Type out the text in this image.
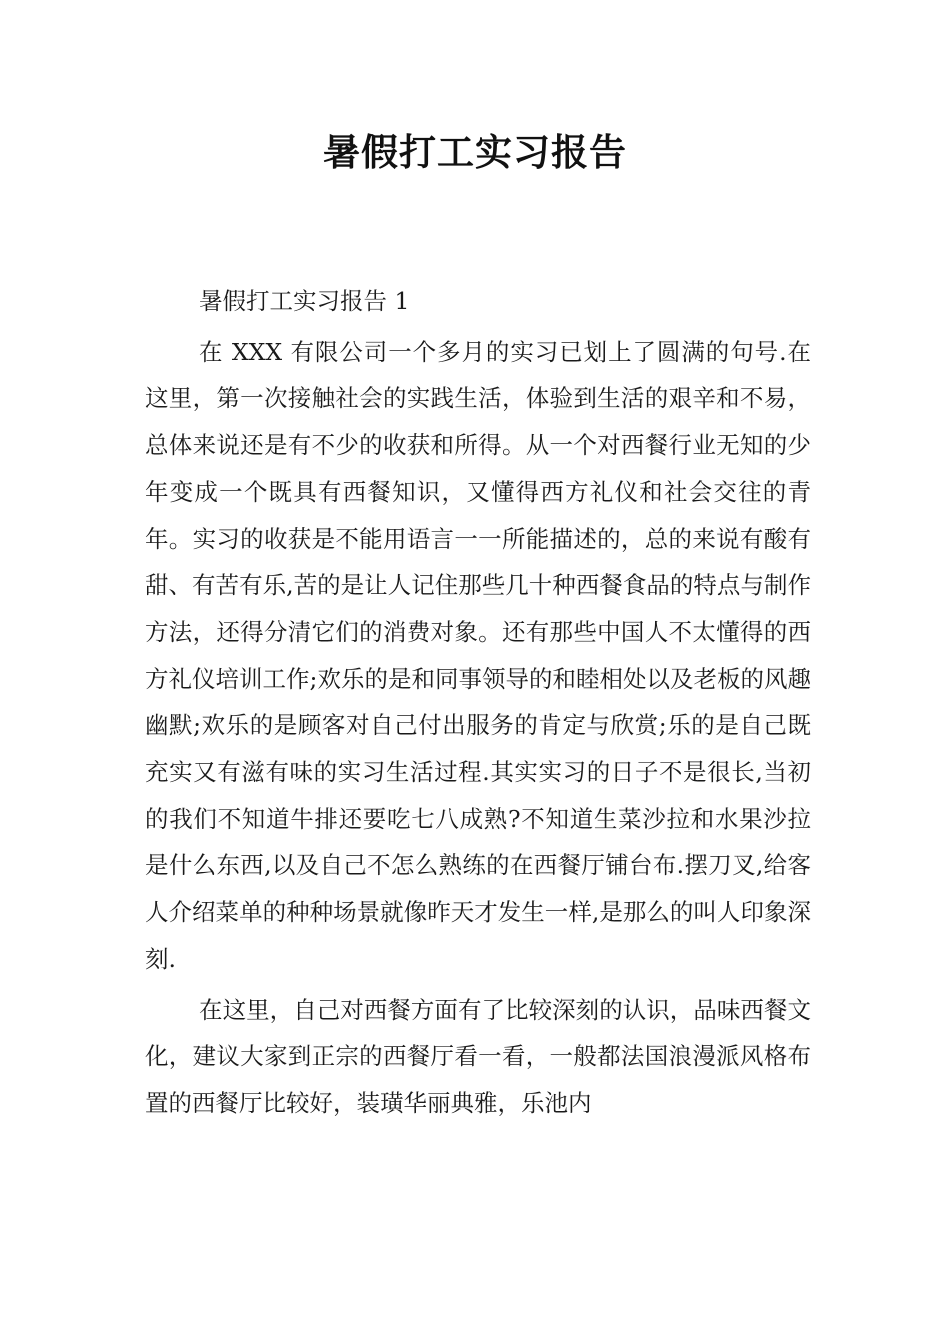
暑假打工实习报告

暑假打工实习报告 1

在 XXX 有限公司一个多月的实习已划上了圆满的句号.在这里，第一次接触社会的实践生活，体验到生活的艰辛和不易，总体来说还是有不少的收获和所得。从一个对西餐行业无知的少年变成一个既具有西餐知识，又懂得西方礼仪和社会交往的青年。实习的收获是不能用语言一一所能描述的，总的来说有酸有甜、有苦有乐,苦的是让人记住那些几十种西餐食品的特点与制作方法，还得分清它们的消费对象。还有那些中国人不太懂得的西方礼仪培训工作;欢乐的是和同事领导的和睦相处以及老板的风趣幽默;欢乐的是顾客对自己付出服务的肯定与欣赏;乐的是自己既充实又有滋有味的实习生活过程.其实实习的日子不是很长,当初的我们不知道牛排还要吃七八成熟?不知道生菜沙拉和水果沙拉是什么东西,以及自己不怎么熟练的在西餐厅铺台布.摆刀叉,给客人介绍菜单的种种场景就像昨天才发生一样,是那么的叫人印象深刻.

在这里，自己对西餐方面有了比较深刻的认识，品味西餐文化，建议大家到正宗的西餐厅看一看，一般都法国浪漫派风格布置的西餐厅比较好，装璜华丽典雅，乐池内
